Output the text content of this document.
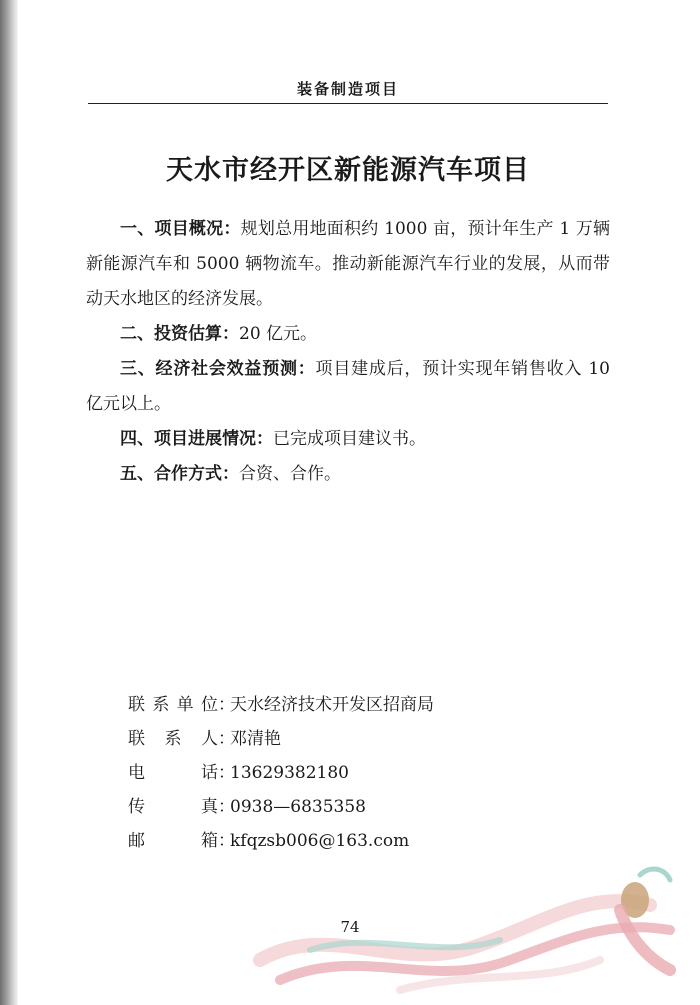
装备制造项目
天水市经开区新能源汽车项目

一、项目概况：规划总用地面积约 1000 亩，预计年生产 1 万辆新能源汽车和 5000 辆物流车。推动新能源汽车行业的发展，从而带动天水地区的经济发展。

二、投资估算：20 亿元。

三、经济社会效益预测：项目建成后，预计实现年销售收入 10 亿元以上。

四、项目进展情况：已完成项目建议书。

五、合作方式：合资、合作。

联系单位：天水经济技术开发区招商局
联系人：邓清艳
电话：13629382180
传真：0938—6835358
邮箱：kfqzsb006@163.com
74
